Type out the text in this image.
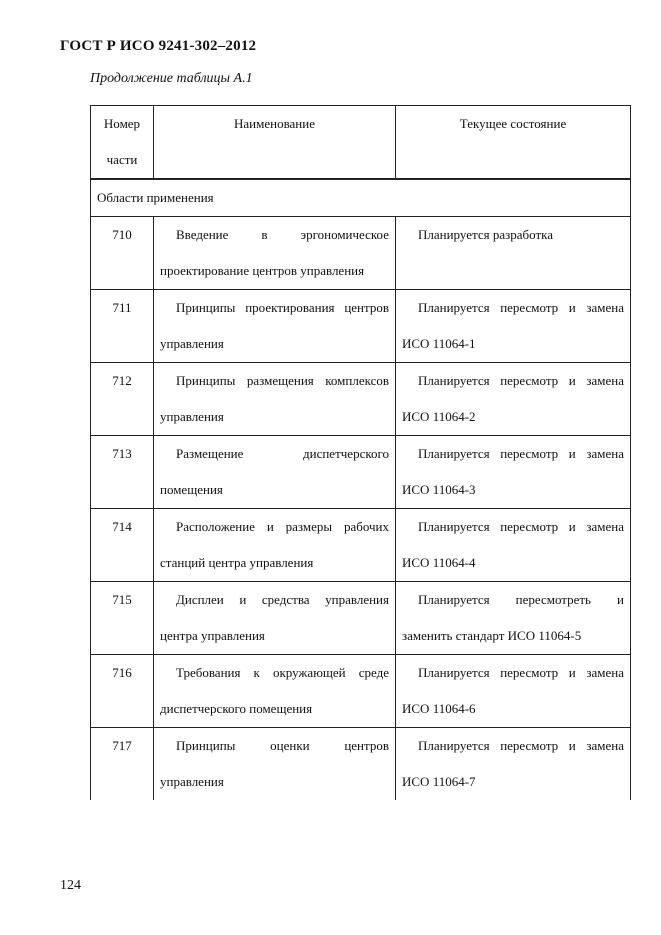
ГОСТ Р ИСО 9241-302–2012
Продолжение таблицы А.1
Номер части	Наименование	Текущее состояние
Области применения		
710	Введение в эргономическое проектирование центров управления	Планируется разработка
711	Принципы проектирования центров управления	Планируется пересмотр и замена ИСО 11064-1
712	Принципы размещения комплексов управления	Планируется пересмотр и замена ИСО 11064-2
713	Размещение диспетчерского помещения	Планируется пересмотр и замена ИСО 11064-3
714	Расположение и размеры рабочих станций центра управления	Планируется пересмотр и замена ИСО 11064-4
715	Дисплеи и средства управления центра управления	Планируется пересмотреть и заменить стандарт ИСО 11064-5
716	Требования к окружающей среде диспетчерского помещения	Планируется пересмотр и замена ИСО 11064-6
717	Принципы оценки центров управления	Планируется пересмотр и замена ИСО 11064-7
124
